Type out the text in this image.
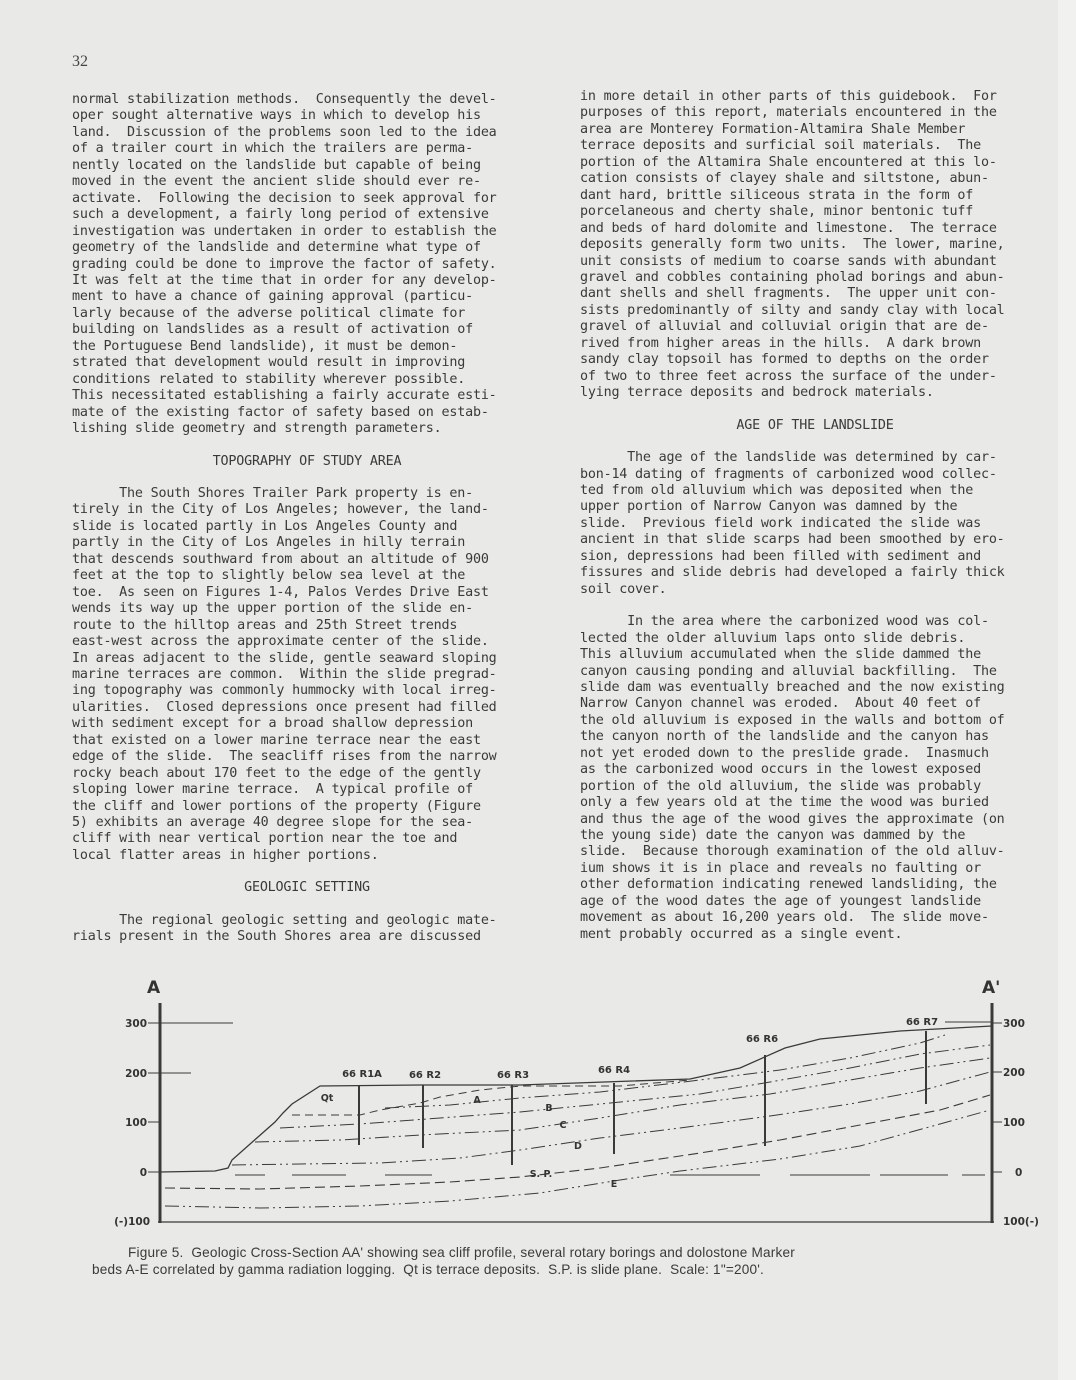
32

normal stabilization methods.  Consequently the devel-

oper sought alternative ways in which to develop his

land.  Discussion of the problems soon led to the idea

of a trailer court in which the trailers are perma-

nently located on the landslide but capable of being

moved in the event the ancient slide should ever re-

activate.  Following the decision to seek approval for

such a development, a fairly long period of extensive

investigation was undertaken in order to establish the

geometry of the landslide and determine what type of

grading could be done to improve the factor of safety.

It was felt at the time that in order for any develop-

ment to have a chance of gaining approval (particu-

larly because of the adverse political climate for

building on landslides as a result of activation of

the Portuguese Bend landslide), it must be demon-

strated that development would result in improving

conditions related to stability wherever possible.

This necessitated establishing a fairly accurate esti-

mate of the existing factor of safety based on estab-

lishing slide geometry and strength parameters.

TOPOGRAPHY OF STUDY AREA

The South Shores Trailer Park property is en-

tirely in the City of Los Angeles; however, the land-

slide is located partly in Los Angeles County and

partly in the City of Los Angeles in hilly terrain

that descends southward from about an altitude of 900

feet at the top to slightly below sea level at the

toe.  As seen on Figures 1-4, Palos Verdes Drive East

wends its way up the upper portion of the slide en-

route to the hilltop areas and 25th Street trends

east-west across the approximate center of the slide.

In areas adjacent to the slide, gentle seaward sloping

marine terraces are common.  Within the slide pregrad-

ing topography was commonly hummocky with local irreg-

ularities.  Closed depressions once present had filled

with sediment except for a broad shallow depression

that existed on a lower marine terrace near the east

edge of the slide.  The seacliff rises from the narrow

rocky beach about 170 feet to the edge of the gently

sloping lower marine terrace.  A typical profile of

the cliff and lower portions of the property (Figure

5) exhibits an average 40 degree slope for the sea-

cliff with near vertical portion near the toe and

local flatter areas in higher portions.

GEOLOGIC SETTING

The regional geologic setting and geologic mate-

rials present in the South Shores area are discussed

in more detail in other parts of this guidebook.  For

purposes of this report, materials encountered in the

area are Monterey Formation-Altamira Shale Member

terrace deposits and surficial soil materials.  The

portion of the Altamira Shale encountered at this lo-

cation consists of clayey shale and siltstone, abun-

dant hard, brittle siliceous strata in the form of

porcelaneous and cherty shale, minor bentonic tuff

and beds of hard dolomite and limestone.  The terrace

deposits generally form two units.  The lower, marine,

unit consists of medium to coarse sands with abundant

gravel and cobbles containing pholad borings and abun-

dant shells and shell fragments.  The upper unit con-

sists predominantly of silty and sandy clay with local

gravel of alluvial and colluvial origin that are de-

rived from higher areas in the hills.  A dark brown

sandy clay topsoil has formed to depths on the order

of two to three feet across the surface of the under-

lying terrace deposits and bedrock materials.

AGE OF THE LANDSLIDE

The age of the landslide was determined by car-

bon-14 dating of fragments of carbonized wood collec-

ted from old alluvium which was deposited when the

upper portion of Narrow Canyon was damned by the

slide.  Previous field work indicated the slide was

ancient in that slide scarps had been smoothed by ero-

sion, depressions had been filled with sediment and

fissures and slide debris had developed a fairly thick

soil cover.

In the area where the carbonized wood was col-

lected the older alluvium laps onto slide debris.

This alluvium accumulated when the slide dammed the

canyon causing ponding and alluvial backfilling.  The

slide dam was eventually breached and the now existing

Narrow Canyon channel was eroded.  About 40 feet of

the old alluvium is exposed in the walls and bottom of

the canyon north of the landslide and the canyon has

not yet eroded down to the preslide grade.  Inasmuch

as the carbonized wood occurs in the lowest exposed

portion of the old alluvium, the slide was probably

only a few years old at the time the wood was buried

and thus the age of the wood gives the approximate (on

the young side) date the canyon was dammed by the

slide.  Because thorough examination of the old alluv-

ium shows it is in place and reveals no faulting or

other deformation indicating renewed landsliding, the

age of the wood dates the age of youngest landslide

movement as about 16,200 years old.  The slide move-

ment probably occurred as a single event.

A	A'
300
200
100
0
(-)100
300
200
100
0
100(-)
66 R1A	66 R2	66 R3	66 R4
66 R6
66 R7
Qt	A
B
C
D
S. P.
E
Figure 5.  Geologic Cross-Section AA' showing sea cliff profile, several rotary borings and dolostone Marker
beds A-E correlated by gamma radiation logging.  Qt is terrace deposits.  S.P. is slide plane.  Scale: 1"=200'.
